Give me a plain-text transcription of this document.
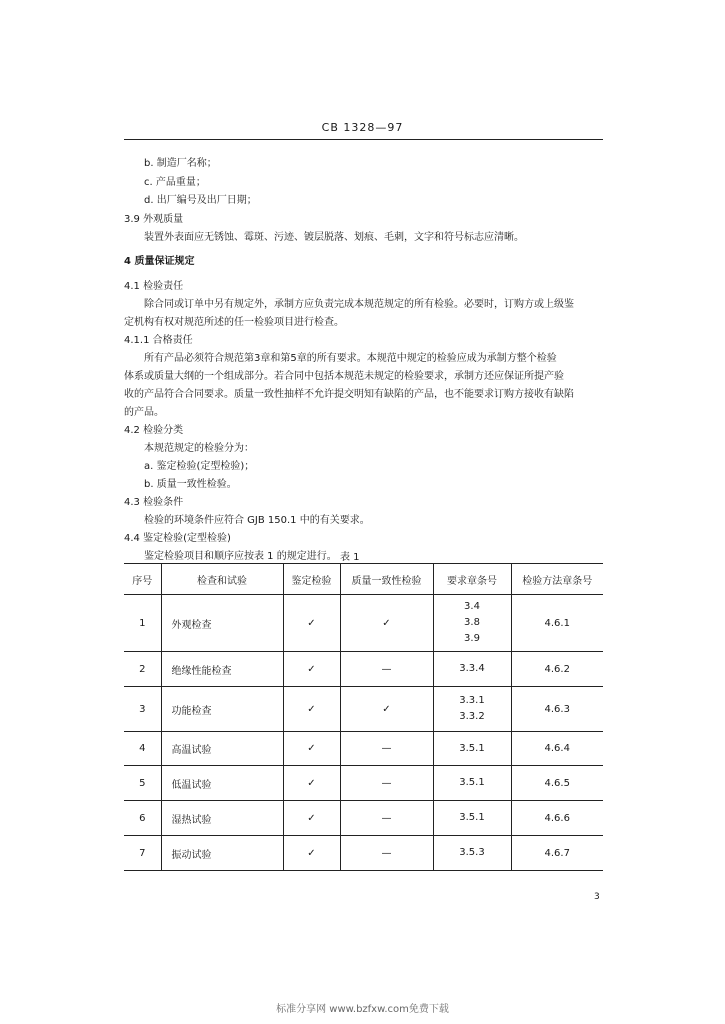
CB 1328—97
b. 制造厂名称；
c. 产品重量；
d. 出厂编号及出厂日期；
3.9 外观质量
装置外表面应无锈蚀、霉斑、污迹、镀层脱落、划痕、毛刺，文字和符号标志应清晰。
4 质量保证规定
4.1 检验责任
除合同或订单中另有规定外，承制方应负责完成本规范规定的所有检验。必要时，订购方或上级鉴
定机构有权对规范所述的任一检验项目进行检查。
4.1.1 合格责任
所有产品必须符合规范第3章和第5章的所有要求。本规范中规定的检验应成为承制方整个检验
体系或质量大纲的一个组成部分。若合同中包括本规范未规定的检验要求，承制方还应保证所提产验
收的产品符合合同要求。质量一致性抽样不允许提交明知有缺陷的产品，也不能要求订购方接收有缺陷
的产品。
4.2 检验分类
本规范规定的检验分为：
a. 鉴定检验(定型检验)；
b. 质量一致性检验。
4.3 检验条件
检验的环境条件应符合 GJB 150.1 中的有关要求。
4.4 鉴定检验(定型检验)
鉴定检验项目和顺序应按表 1 的规定进行。 表 1
序号	检查和试验	鉴定检验	质量一致性检验	要求章条号	检验方法章条号
1	外观检查	✓	✓	3.4
3.8
3.9	4.6.1
2	绝缘性能检查	✓	—	3.3.4	4.6.2
3	功能检查	✓	✓	3.3.1
3.3.2	4.6.3
4	高温试验	✓	—	3.5.1	4.6.4
5	低温试验	✓	—	3.5.1	4.6.5
6	湿热试验	✓	—	3.5.1	4.6.6
7	振动试验	✓	—	3.5.3	4.6.7
3
标准分享网 www.bzfxw.com免费下载
